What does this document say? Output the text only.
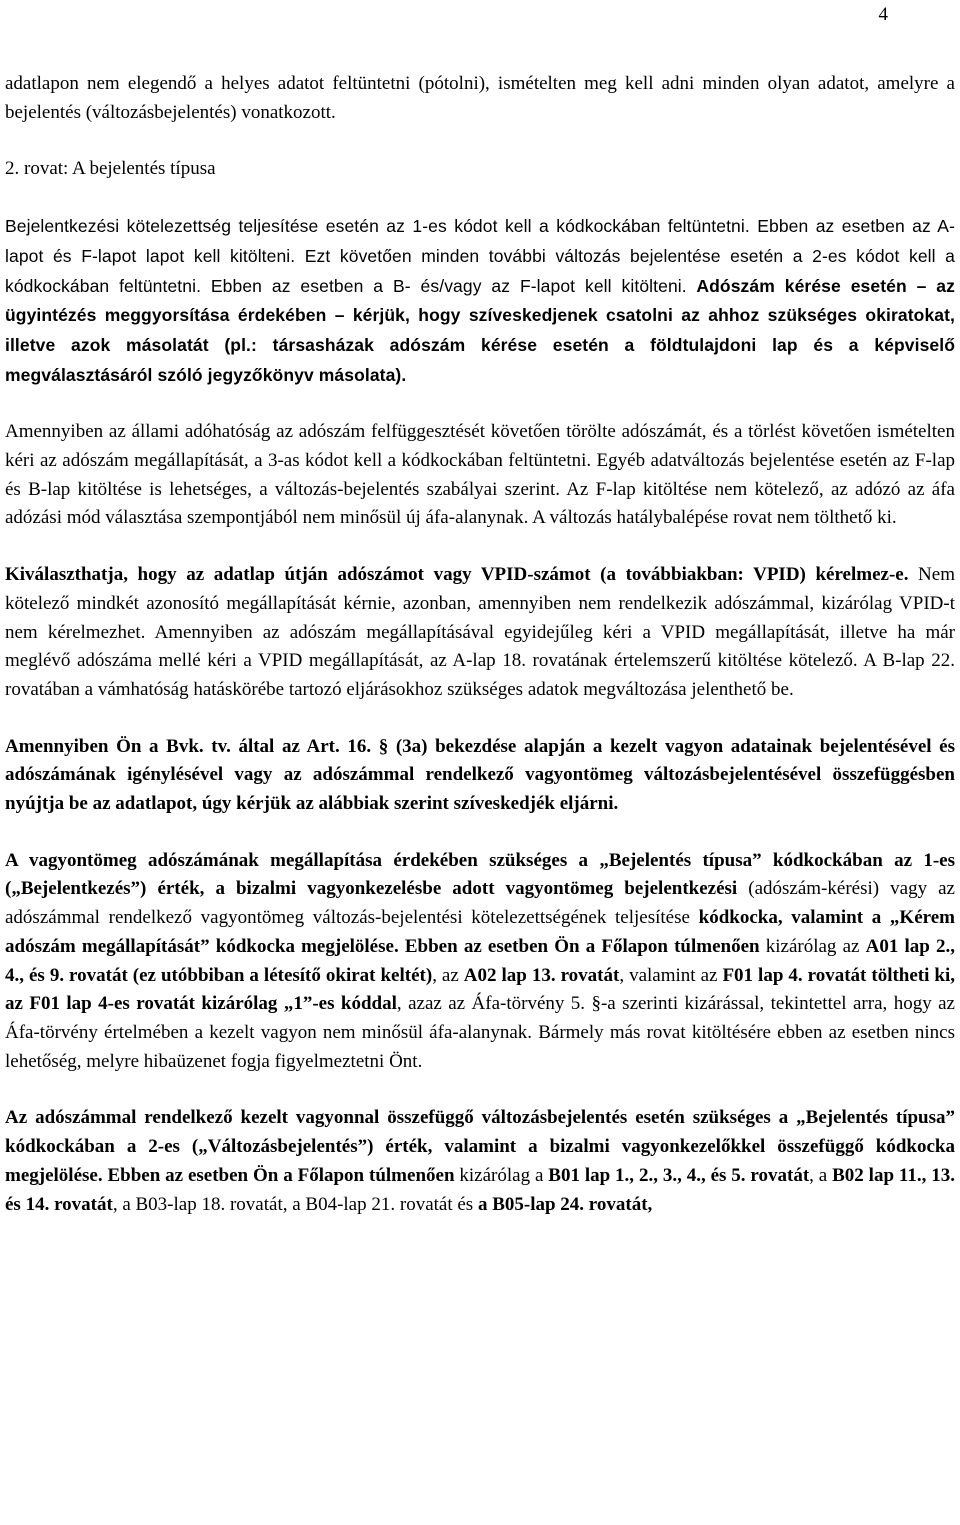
4

adatlapon nem elegendő a helyes adatot feltüntetni (pótolni), ismételten meg kell adni minden olyan adatot, amelyre a bejelentés (változásbejelentés) vonatkozott.

2. rovat: A bejelentés típusa

Bejelentkezési kötelezettség teljesítése esetén az 1-es kódot kell a kódkockában feltüntetni. Ebben az esetben az A-lapot és F-lapot lapot kell kitölteni. Ezt követően minden további változás bejelentése esetén a 2-es kódot kell a kódkockában feltüntetni. Ebben az esetben a B- és/vagy az F-lapot kell kitölteni. Adószám kérése esetén – az ügyintézés meggyorsítása érdekében – kérjük, hogy szíveskedjenek csatolni az ahhoz szükséges okiratokat, illetve azok másolatát (pl.: társasházak adószám kérése esetén a földtulajdoni lap és a képviselő megválasztásáról szóló jegyzőkönyv másolata).

Amennyiben az állami adóhatóság az adószám felfüggesztését követően törölte adószámát, és a törlést követően ismételten kéri az adószám megállapítását, a 3-as kódot kell a kódkockában feltüntetni. Egyéb adatváltozás bejelentése esetén az F-lap és B-lap kitöltése is lehetséges, a változás-bejelentés szabályai szerint. Az F-lap kitöltése nem kötelező, az adózó az áfa adózási mód választása szempontjából nem minősül új áfa-alanynak. A változás hatálybalépése rovat nem tölthető ki.

Kiválaszthatja, hogy az adatlap útján adószámot vagy VPID-számot (a továbbiakban: VPID) kérelmez-e. Nem kötelező mindkét azonosító megállapítását kérnie, azonban, amennyiben nem rendelkezik adószámmal, kizárólag VPID-t nem kérelmezhet. Amennyiben az adószám megállapításával egyidejűleg kéri a VPID megállapítását, illetve ha már meglévő adószáma mellé kéri a VPID megállapítását, az A-lap 18. rovatának értelemszerű kitöltése kötelező. A B-lap 22. rovatában a vámhatóság hatáskörébe tartozó eljárásokhoz szükséges adatok megváltozása jelenthető be.

Amennyiben Ön a Bvk. tv. által az Art. 16. § (3a) bekezdése alapján a kezelt vagyon adatainak bejelentésével és adószámának igénylésével vagy az adószámmal rendelkező vagyontömeg változásbejelentésével összefüggésben nyújtja be az adatlapot, úgy kérjük az alábbiak szerint szíveskedjék eljárni.

A vagyontömeg adószámának megállapítása érdekében szükséges a „Bejelentés típusa” kódkockában az 1-es („Bejelentkezés”) érték, a bizalmi vagyonkezelésbe adott vagyontömeg bejelentkezési (adószám-kérési) vagy az adószámmal rendelkező vagyontömeg változás-bejelentési kötelezettségének teljesítése kódkocka, valamint a „Kérem adószám megállapítását” kódkocka megjelölése. Ebben az esetben Ön a Főlapon túlmenően kizárólag az A01 lap 2., 4., és 9. rovatát (ez utóbbiban a létesítő okirat keltét), az A02 lap 13. rovatát, valamint az F01 lap 4. rovatát töltheti ki, az F01 lap 4-es rovatát kizárólag „1”-es kóddal, azaz az Áfa-törvény 5. §-a szerinti kizárással, tekintettel arra, hogy az Áfa-törvény értelmében a kezelt vagyon nem minősül áfa-alanynak. Bármely más rovat kitöltésére ebben az esetben nincs lehetőség, melyre hibaüzenet fogja figyelmeztetni Önt.

Az adószámmal rendelkező kezelt vagyonnal összefüggő változásbejelentés esetén szükséges a „Bejelentés típusa” kódkockában a 2-es („Változásbejelentés”) érték, valamint a bizalmi vagyonkezelőkkel összefüggő kódkocka megjelölése. Ebben az esetben Ön a Főlapon túlmenően kizárólag a B01 lap 1., 2., 3., 4., és 5. rovatát, a B02 lap 11., 13. és 14. rovatát, a B03-lap 18. rovatát, a B04-lap 21. rovatát és a B05-lap 24. rovatát,
